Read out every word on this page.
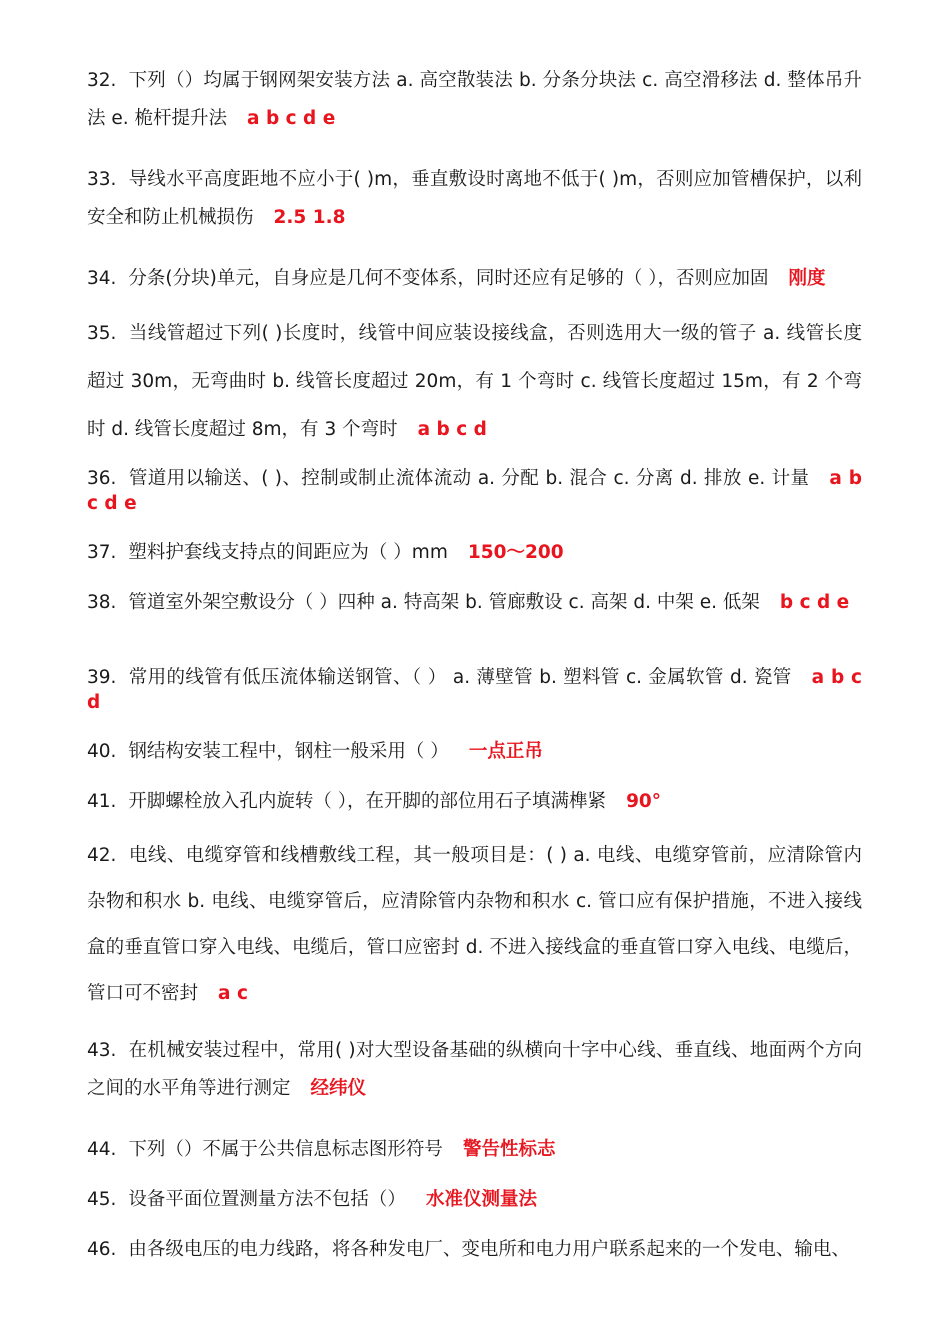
32. 下列（）均属于钢网架安装方法 a. 高空散装法 b. 分条分块法 c. 高空滑移法 d. 整体吊升法 e. 桅杆提升法 a b c d e

33. 导线水平高度距地不应小于( )m，垂直敷设时离地不低于( )m，否则应加管槽保护，以利安全和防止机械损伤 2.5 1.8

34. 分条(分块)单元，自身应是几何不变体系，同时还应有足够的（ ），否则应加固 刚度

35. 当线管超过下列( )长度时，线管中间应装设接线盒，否则选用大一级的管子 a. 线管长度超过 30m，无弯曲时 b. 线管长度超过 20m，有 1 个弯时 c. 线管长度超过 15m，有 2 个弯时 d. 线管长度超过 8m，有 3 个弯时 a b c d

36. 管道用以输送、( )、控制或制止流体流动 a. 分配 b. 混合 c. 分离 d. 排放 e. 计量 a b c d e

37. 塑料护套线支持点的间距应为（ ）mm 150～200

38. 管道室外架空敷设分（ ）四种 a. 特高架 b. 管廊敷设 c. 高架 d. 中架 e. 低架 b c d e

39. 常用的线管有低压流体输送钢管、（ ） a. 薄壁管 b. 塑料管 c. 金属软管 d. 瓷管 a b c d

40. 钢结构安装工程中，钢柱一般采用（ ） 一点正吊

41. 开脚螺栓放入孔内旋转（ ），在开脚的部位用石子填满榫紧 90°

42. 电线、电缆穿管和线槽敷线工程，其一般项目是：( ) a. 电线、电缆穿管前，应清除管内杂物和积水 b. 电线、电缆穿管后，应清除管内杂物和积水 c. 管口应有保护措施，不进入接线盒的垂直管口穿入电线、电缆后，管口应密封 d. 不进入接线盒的垂直管口穿入电线、电缆后，管口可不密封 a c

43. 在机械安装过程中，常用( )对大型设备基础的纵横向十字中心线、垂直线、地面两个方向之间的水平角等进行测定 经纬仪

44. 下列（）不属于公共信息标志图形符号 警告性标志

45. 设备平面位置测量方法不包括（） 水准仪测量法

46. 由各级电压的电力线路，将各种发电厂、变电所和电力用户联系起来的一个发电、输电、
